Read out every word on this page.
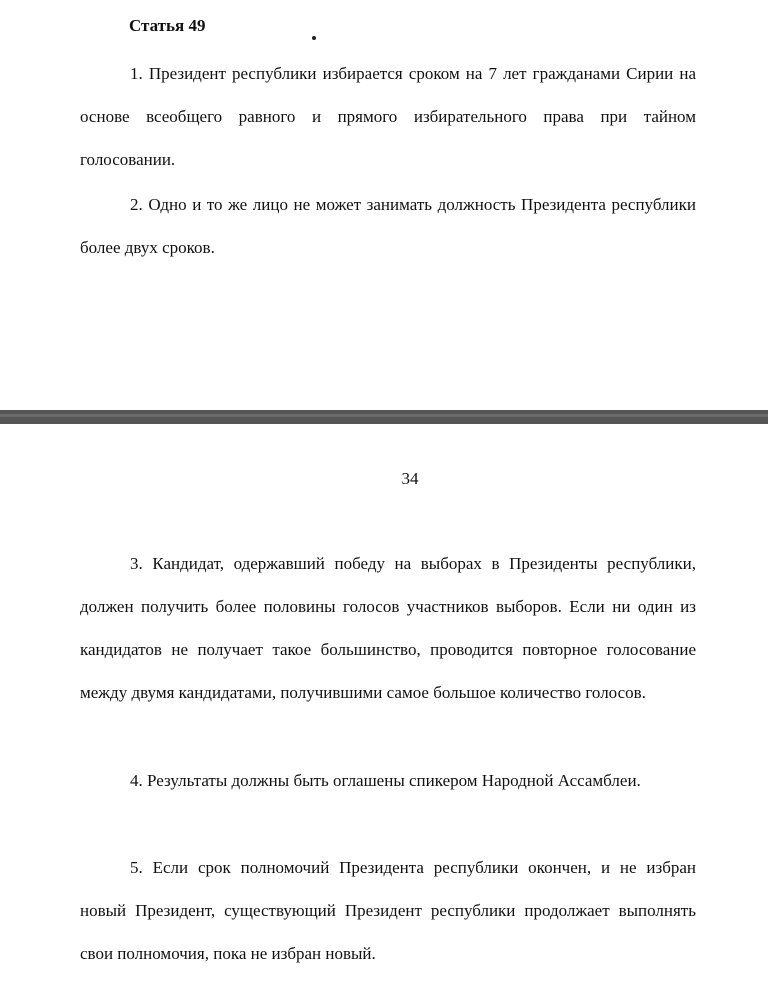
Статья 49

1. Президент республики избирается сроком на 7 лет гражданами Сирии на основе всеобщего равного и прямого избирательного права при тайном голосовании.

2. Одно и то же лицо не может занимать должность Президента республики более двух сроков.

34

3. Кандидат, одержавший победу на выборах в Президенты республики, должен получить более половины голосов участников выборов. Если ни один из кандидатов не получает такое большинство, проводится повторное голосование между двумя кандидатами, получившими самое большое количество голосов.

4. Результаты должны быть оглашены спикером Народной Ассамблеи.

5. Если срок полномочий Президента республики окончен, и не избран новый Президент, существующий Президент республики продолжает выполнять свои полномочия, пока не избран новый.
